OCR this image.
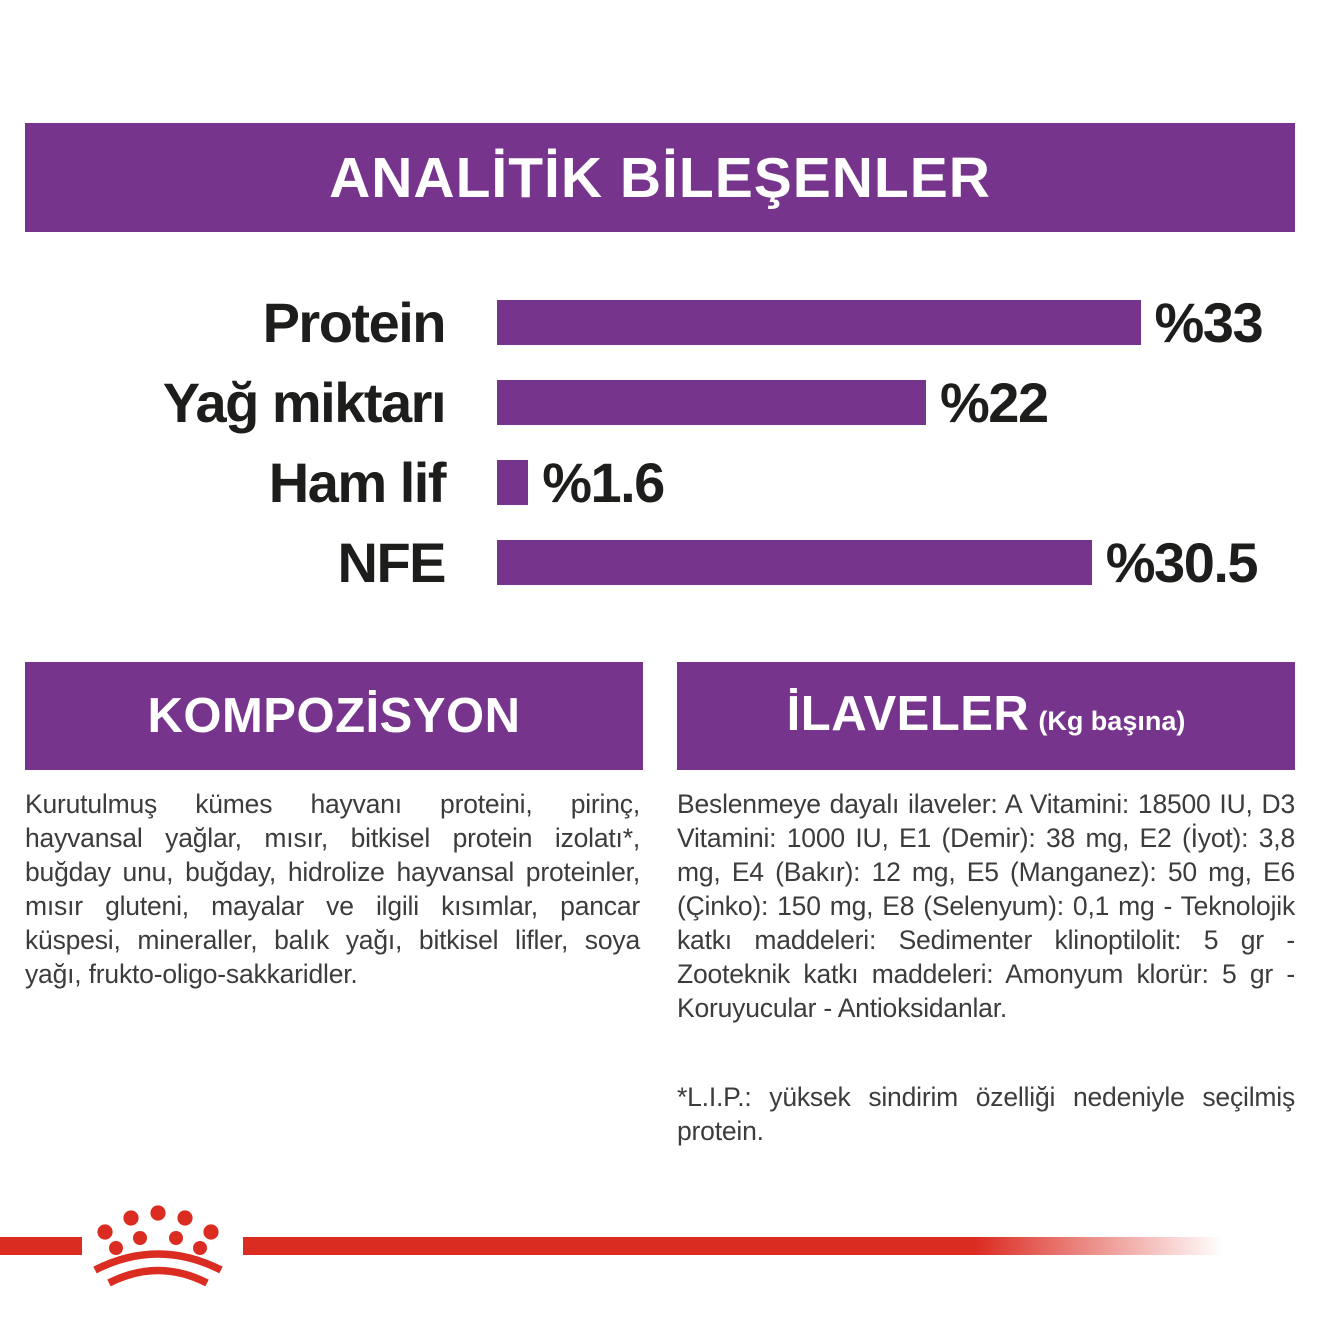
ANALİTİK BİLEŞENLER
Protein	%33
Yağ miktarı	%22
Ham lif %1.6
NFE	%30.5
KOMPOZİSYON	İLAVELER (Kg başına)
Kurutulmuş kümes hayvanı proteini, pirinç, hayvansal yağlar, mısır, bitkisel protein izolatı*, buğday unu, buğday, hidrolize hayvansal proteinler, mısır gluteni, mayalar ve ilgili kısımlar, pancar küspesi, mineraller, balık yağı, bitkisel lifler, soya yağı, frukto-oligo-sakkaridler.
Beslenmeye dayalı ilaveler: A Vitamini: 18500 IU, D3 Vitamini: 1000 IU, E1 (Demir): 38 mg, E2 (İyot): 3,8 mg, E4 (Bakır): 12 mg, E5 (Manganez): 50 mg, E6 (Çinko): 150 mg, E8 (Selenyum): 0,1 mg - Teknolojik katkı maddeleri: Sedimenter klinoptilolit: 5 gr - Zooteknik katkı maddeleri: Amonyum klorür: 5 gr - Koruyucular - Antioksidanlar.
*L.I.P.: yüksek sindirim özelliği nedeniyle seçilmiş protein.
